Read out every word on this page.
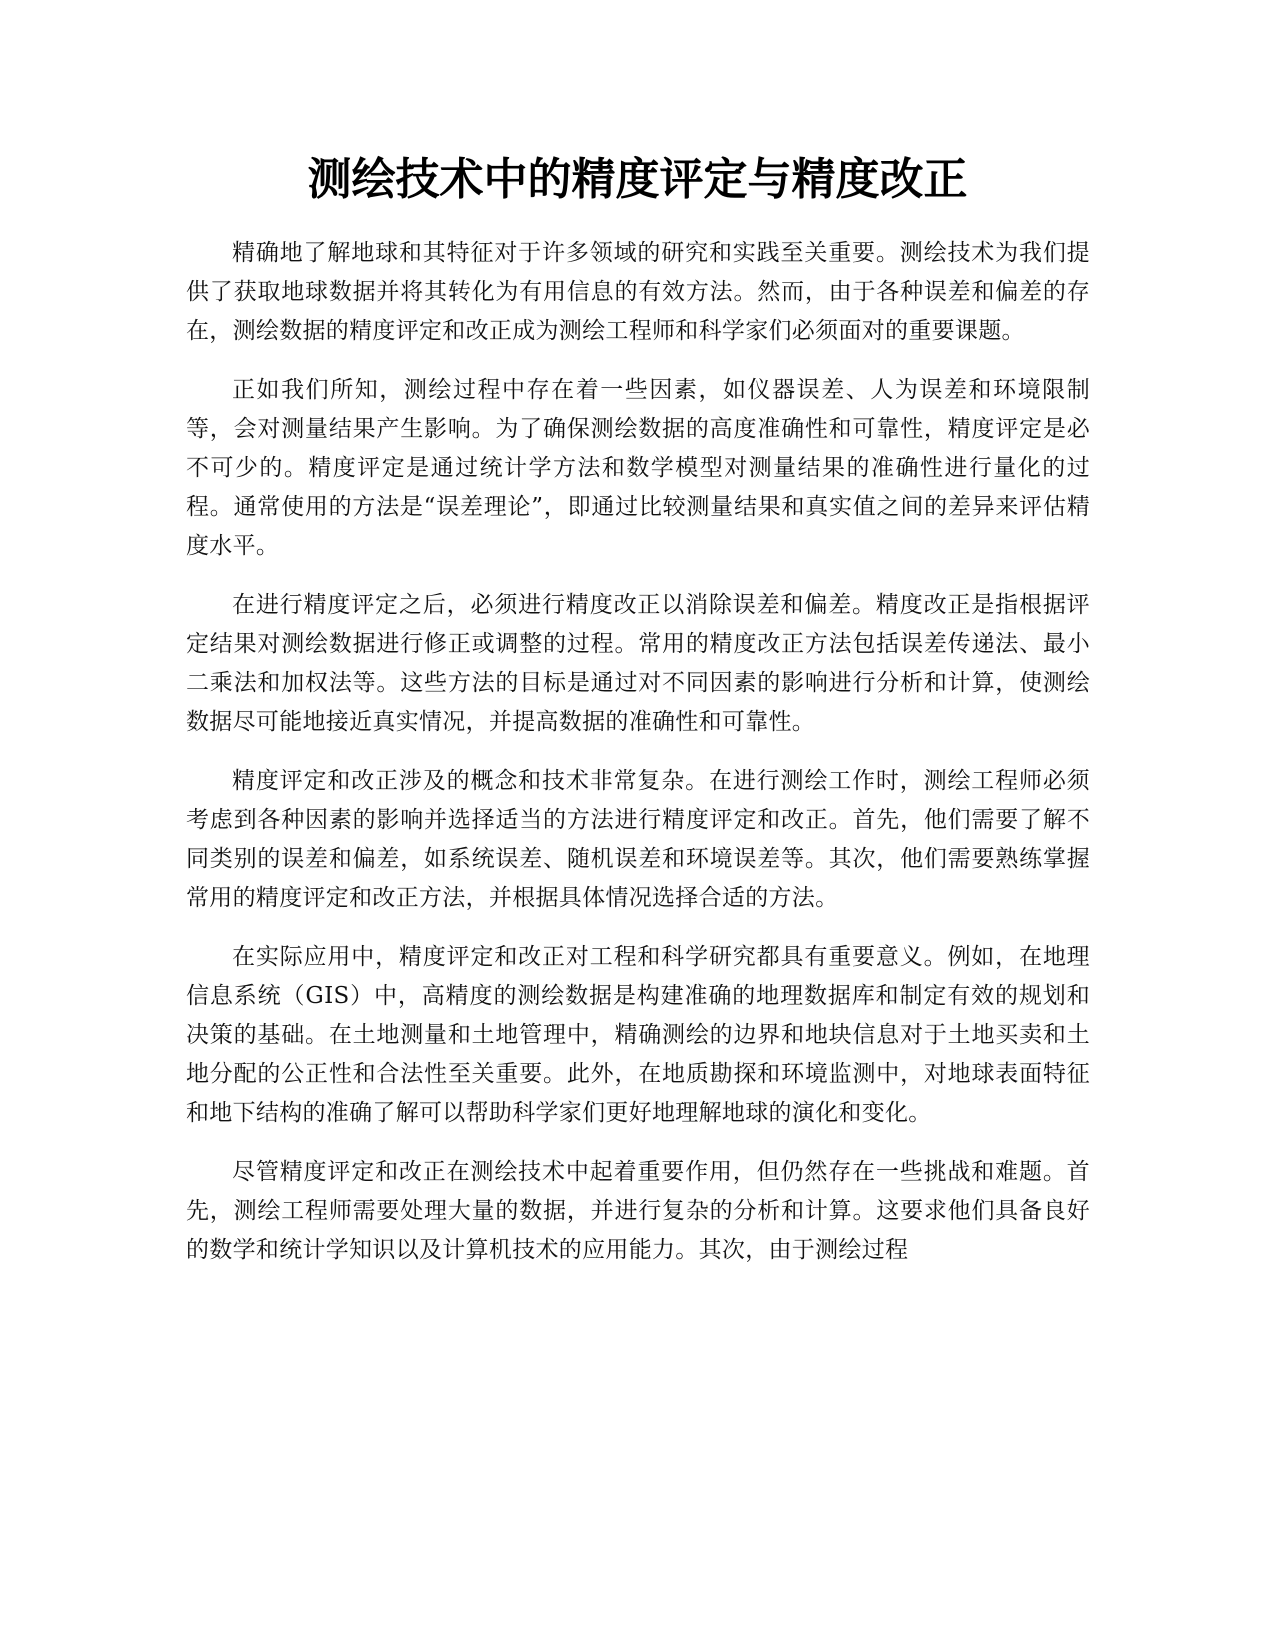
测绘技术中的精度评定与精度改正

精确地了解地球和其特征对于许多领域的研究和实践至关重要。测绘技术为我们提供了获取地球数据并将其转化为有用信息的有效方法。然而，由于各种误差和偏差的存在，测绘数据的精度评定和改正成为测绘工程师和科学家们必须面对的重要课题。

正如我们所知，测绘过程中存在着一些因素，如仪器误差、人为误差和环境限制等，会对测量结果产生影响。为了确保测绘数据的高度准确性和可靠性，精度评定是必不可少的。精度评定是通过统计学方法和数学模型对测量结果的准确性进行量化的过程。通常使用的方法是“误差理论”，即通过比较测量结果和真实值之间的差异来评估精度水平。

在进行精度评定之后，必须进行精度改正以消除误差和偏差。精度改正是指根据评定结果对测绘数据进行修正或调整的过程。常用的精度改正方法包括误差传递法、最小二乘法和加权法等。这些方法的目标是通过对不同因素的影响进行分析和计算，使测绘数据尽可能地接近真实情况，并提高数据的准确性和可靠性。

精度评定和改正涉及的概念和技术非常复杂。在进行测绘工作时，测绘工程师必须考虑到各种因素的影响并选择适当的方法进行精度评定和改正。首先，他们需要了解不同类别的误差和偏差，如系统误差、随机误差和环境误差等。其次，他们需要熟练掌握常用的精度评定和改正方法，并根据具体情况选择合适的方法。

在实际应用中，精度评定和改正对工程和科学研究都具有重要意义。例如，在地理信息系统（GIS）中，高精度的测绘数据是构建准确的地理数据库和制定有效的规划和决策的基础。在土地测量和土地管理中，精确测绘的边界和地块信息对于土地买卖和土地分配的公正性和合法性至关重要。此外，在地质勘探和环境监测中，对地球表面特征和地下结构的准确了解可以帮助科学家们更好地理解地球的演化和变化。

尽管精度评定和改正在测绘技术中起着重要作用，但仍然存在一些挑战和难题。首先，测绘工程师需要处理大量的数据，并进行复杂的分析和计算。这要求他们具备良好的数学和统计学知识以及计算机技术的应用能力。其次，由于测绘过程
